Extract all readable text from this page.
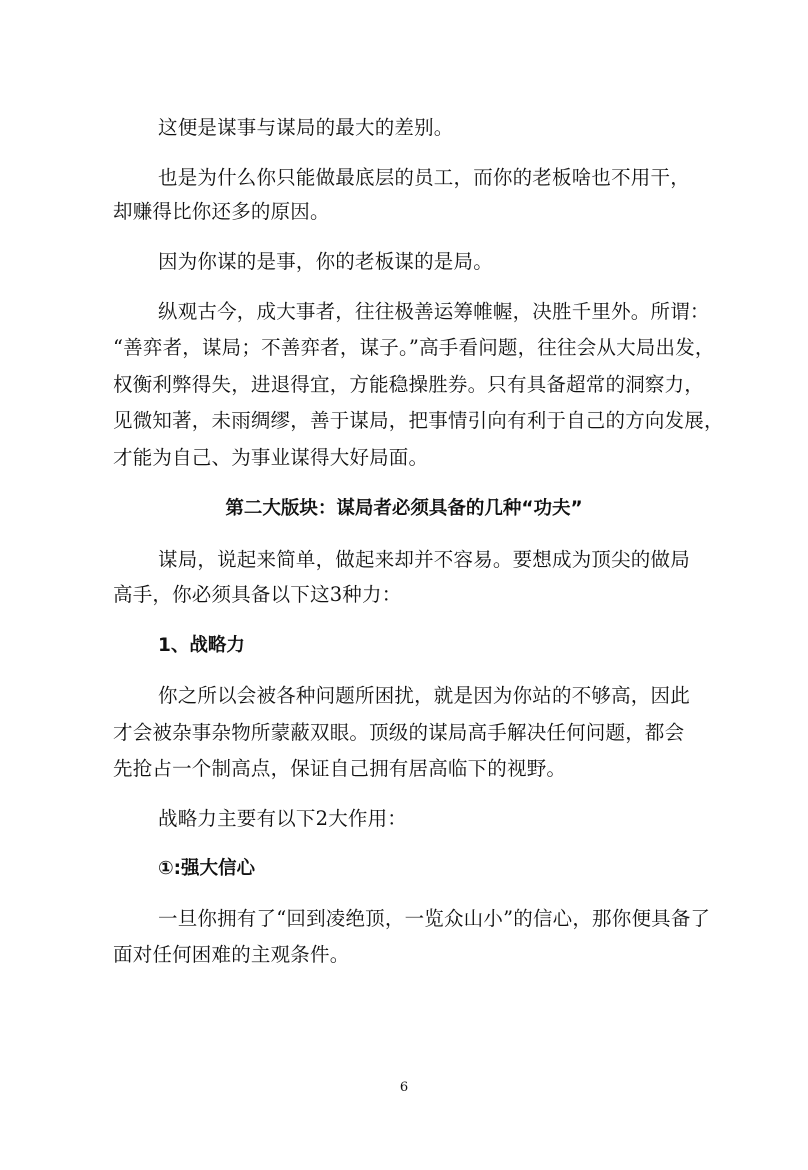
这便是谋事与谋局的最大的差别。
也是为什么你只能做最底层的员工，而你的老板啥也不用干，
却赚得比你还多的原因。
因为你谋的是事，你的老板谋的是局。
纵观古今，成大事者，往往极善运筹帷幄，决胜千里外。所谓：
“善弈者，谋局；不善弈者，谋子。”高手看问题，往往会从大局出发，
权衡利弊得失，进退得宜，方能稳操胜券。只有具备超常的洞察力，
见微知著，未雨绸缪，善于谋局，把事情引向有利于自己的方向发展，
才能为自己、为事业谋得大好局面。
第二大版块：谋局者必须具备的几种“功夫”
谋局，说起来简单，做起来却并不容易。要想成为顶尖的做局
高手，你必须具备以下这3种力：
1、战略力
你之所以会被各种问题所困扰，就是因为你站的不够高，因此
才会被杂事杂物所蒙蔽双眼。顶级的谋局高手解决任何问题，都会
先抢占一个制高点，保证自己拥有居高临下的视野。
战略力主要有以下2大作用：
①:强大信心
一旦你拥有了“回到凌绝顶，一览众山小”的信心，那你便具备了
面对任何困难的主观条件。
6
